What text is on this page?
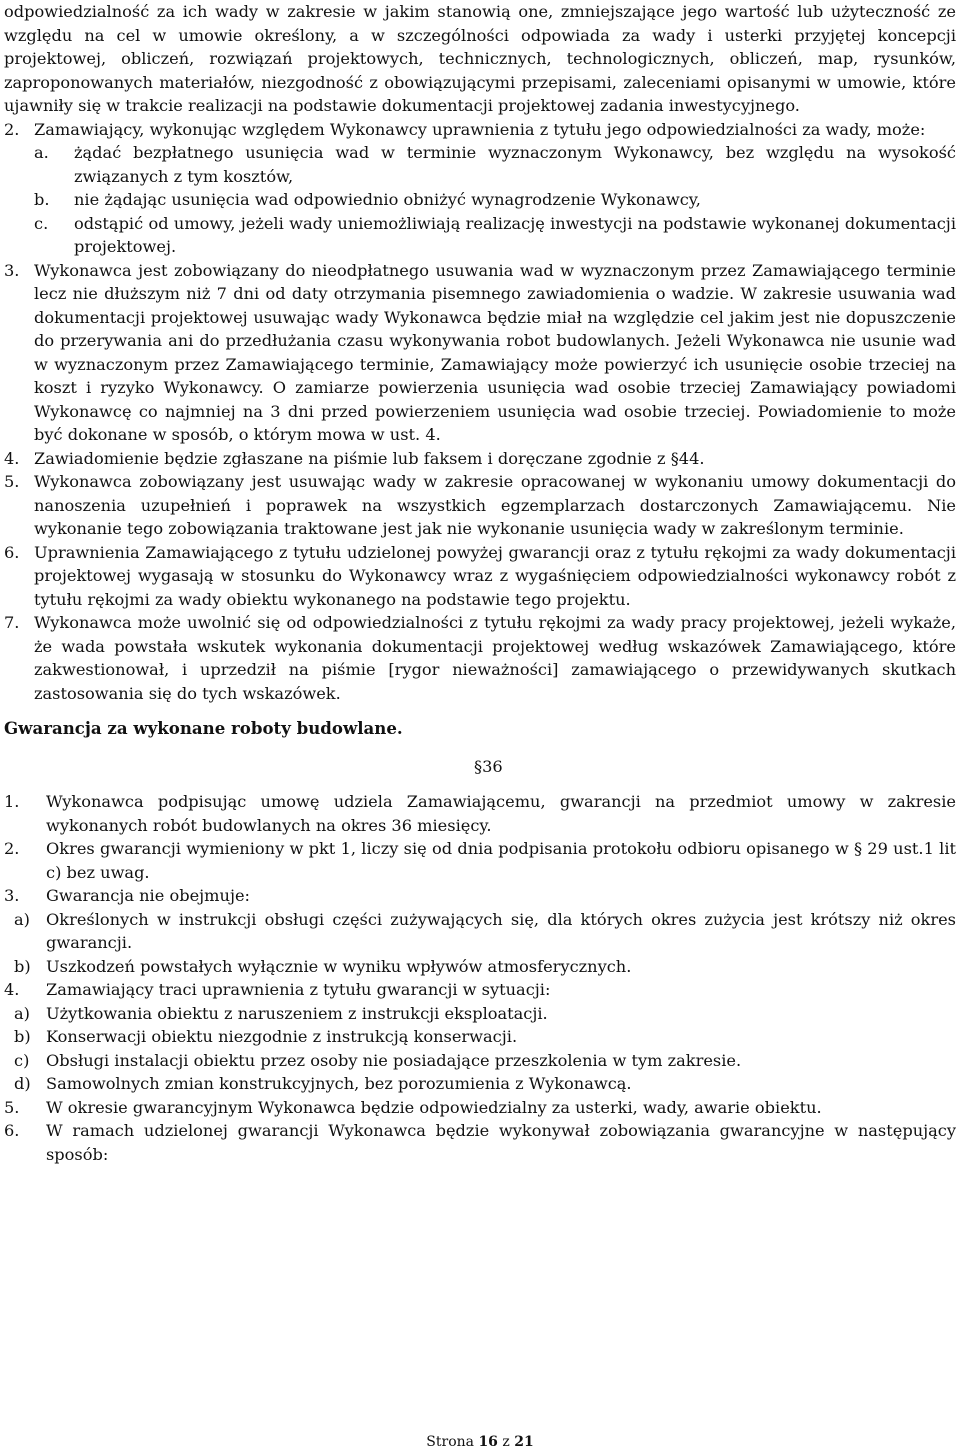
odpowiedzialność za ich wady w zakresie w jakim stanowią one, zmniejszające jego wartość lub użyteczność ze względu na cel w umowie określony, a w szczególności odpowiada za wady i usterki przyjętej koncepcji projektowej, obliczeń, rozwiązań projektowych, technicznych, technologicznych, obliczeń, map, rysunków, zaproponowanych materiałów, niezgodność z obowiązującymi przepisami, zaleceniami opisanymi w umowie, które ujawniły się w trakcie realizacji na podstawie dokumentacji projektowej zadania inwestycyjnego.

2. Zamawiający, wykonując względem Wykonawcy uprawnienia z tytułu jego odpowiedzialności za wady, może:
a. żądać bezpłatnego usunięcia wad w terminie wyznaczonym Wykonawcy, bez względu na wysokość związanych z tym kosztów,
b. nie żądając usunięcia wad odpowiednio obniżyć wynagrodzenie Wykonawcy,
c. odstąpić od umowy, jeżeli wady uniemożliwiają realizację inwestycji na podstawie wykonanej dokumentacji projektowej.
3. Wykonawca jest zobowiązany do nieodpłatnego usuwania wad w wyznaczonym przez Zamawiającego terminie lecz nie dłuższym niż 7 dni od daty otrzymania pisemnego zawiadomienia o wadzie. W zakresie usuwania wad dokumentacji projektowej usuwając wady Wykonawca będzie miał na względzie cel jakim jest nie dopuszczenie do przerywania ani do przedłużania czasu wykonywania robot budowlanych. Jeżeli Wykonawca nie usunie wad w wyznaczonym przez Zamawiającego terminie, Zamawiający może powierzyć ich usunięcie osobie trzeciej na koszt i ryzyko Wykonawcy. O zamiarze powierzenia usunięcia wad osobie trzeciej Zamawiający powiadomi Wykonawcę co najmniej na 3 dni przed powierzeniem usunięcia wad osobie trzeciej. Powiadomienie to może być dokonane w sposób, o którym mowa w ust. 4.
4. Zawiadomienie będzie zgłaszane na piśmie lub faksem i doręczane zgodnie z §44.
5. Wykonawca zobowiązany jest usuwając wady w zakresie opracowanej w wykonaniu umowy dokumentacji do nanoszenia uzupełnień i poprawek na wszystkich egzemplarzach dostarczonych Zamawiającemu. Nie wykonanie tego zobowiązania traktowane jest jak nie wykonanie usunięcia wady w zakreślonym terminie.
6. Uprawnienia Zamawiającego z tytułu udzielonej powyżej gwarancji oraz z tytułu rękojmi za wady dokumentacji projektowej wygasają w stosunku do Wykonawcy wraz z wygaśnięciem odpowiedzialności wykonawcy robót z tytułu rękojmi za wady obiektu wykonanego na podstawie tego projektu.
7. Wykonawca może uwolnić się od odpowiedzialności z tytułu rękojmi za wady pracy projektowej, jeżeli wykaże, że wada powstała wskutek wykonania dokumentacji projektowej według wskazówek Zamawiającego, które zakwestionował, i uprzedził na piśmie [rygor nieważności] zamawiającego o przewidywanych skutkach zastosowania się do tych wskazówek.

Gwarancja za wykonane roboty budowlane.

§36

1. Wykonawca podpisując umowę udziela Zamawiającemu, gwarancji na przedmiot umowy w zakresie wykonanych robót budowlanych na okres 36 miesięcy.
2. Okres gwarancji wymieniony w pkt 1, liczy się od dnia podpisania protokołu odbioru opisanego w § 29 ust.1 lit c) bez uwag.
3. Gwarancja nie obejmuje:
a) Określonych w instrukcji obsługi części zużywających się, dla których okres zużycia jest krótszy niż okres gwarancji.
b) Uszkodzeń powstałych wyłącznie w wyniku wpływów atmosferycznych.
4. Zamawiający traci uprawnienia z tytułu gwarancji w sytuacji:
a) Użytkowania obiektu z naruszeniem z instrukcji eksploatacji.
b) Konserwacji obiektu niezgodnie z instrukcją konserwacji.
c) Obsługi instalacji obiektu przez osoby nie posiadające przeszkolenia w tym zakresie.
d) Samowolnych zmian konstrukcyjnych, bez porozumienia z Wykonawcą.
5. W okresie gwarancyjnym Wykonawca będzie odpowiedzialny za usterki, wady, awarie obiektu.
6. W ramach udzielonej gwarancji Wykonawca będzie wykonywał zobowiązania gwarancyjne w następujący sposób:
Strona 16 z 21
